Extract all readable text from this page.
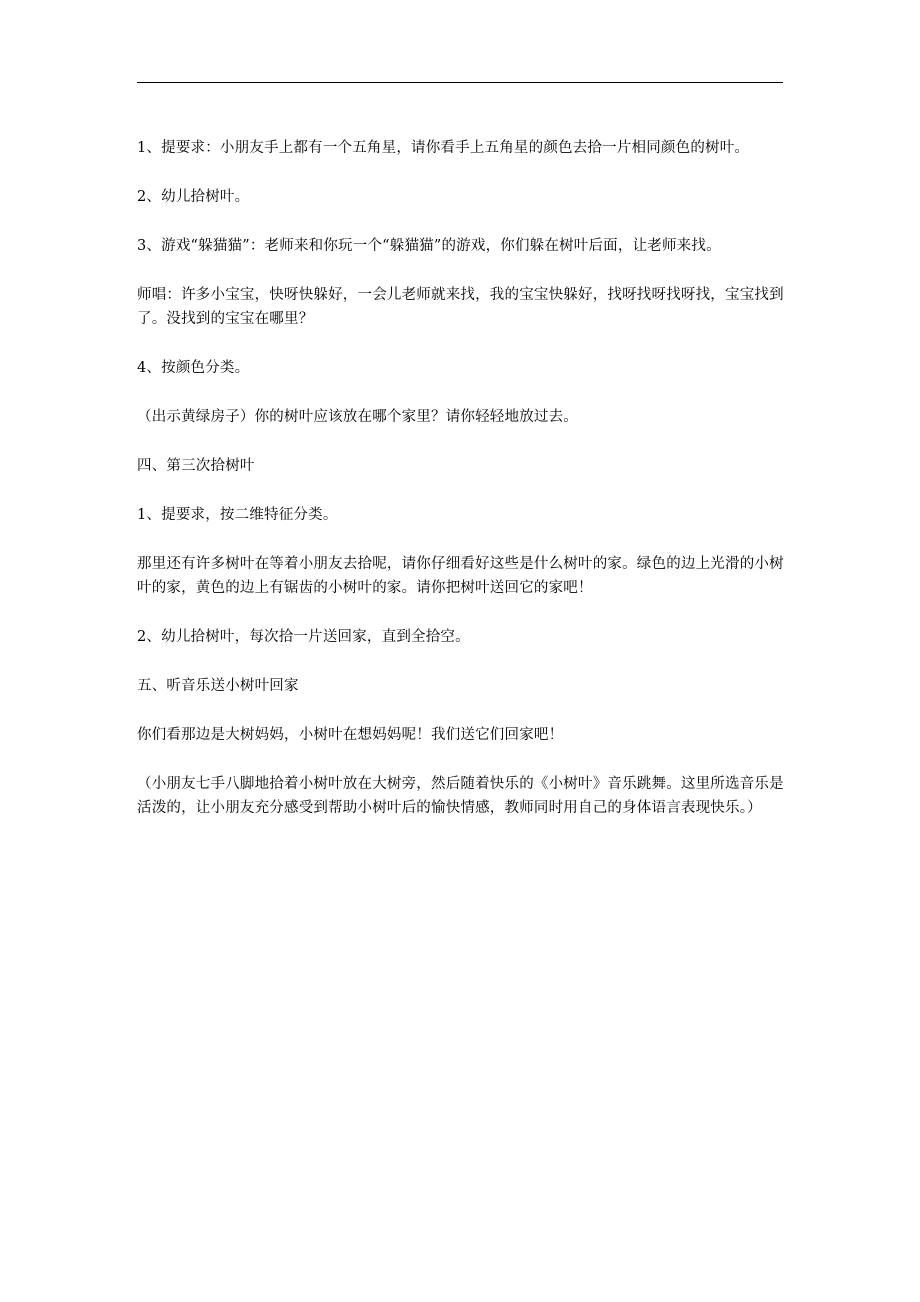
1、提要求：小朋友手上都有一个五角星，请你看手上五角星的颜色去拾一片相同颜色的树叶。

2、幼儿拾树叶。

3、游戏“躲猫猫”：老师来和你玩一个“躲猫猫”的游戏，你们躲在树叶后面，让老师来找。

师唱：许多小宝宝，快呀快躲好，一会儿老师就来找，我的宝宝快躲好，找呀找呀找呀找，宝宝找到了。没找到的宝宝在哪里？

4、按颜色分类。

（出示黄绿房子）你的树叶应该放在哪个家里？请你轻轻地放过去。

四、第三次拾树叶

1、提要求，按二维特征分类。

那里还有许多树叶在等着小朋友去拾呢，请你仔细看好这些是什么树叶的家。绿色的边上光滑的小树叶的家，黄色的边上有锯齿的小树叶的家。请你把树叶送回它的家吧！

2、幼儿拾树叶，每次拾一片送回家，直到全拾空。

五、听音乐送小树叶回家

你们看那边是大树妈妈，小树叶在想妈妈呢！我们送它们回家吧！

（小朋友七手八脚地拾着小树叶放在大树旁，然后随着快乐的《小树叶》音乐跳舞。这里所选音乐是活泼的，让小朋友充分感受到帮助小树叶后的愉快情感，教师同时用自己的身体语言表现快乐。）
